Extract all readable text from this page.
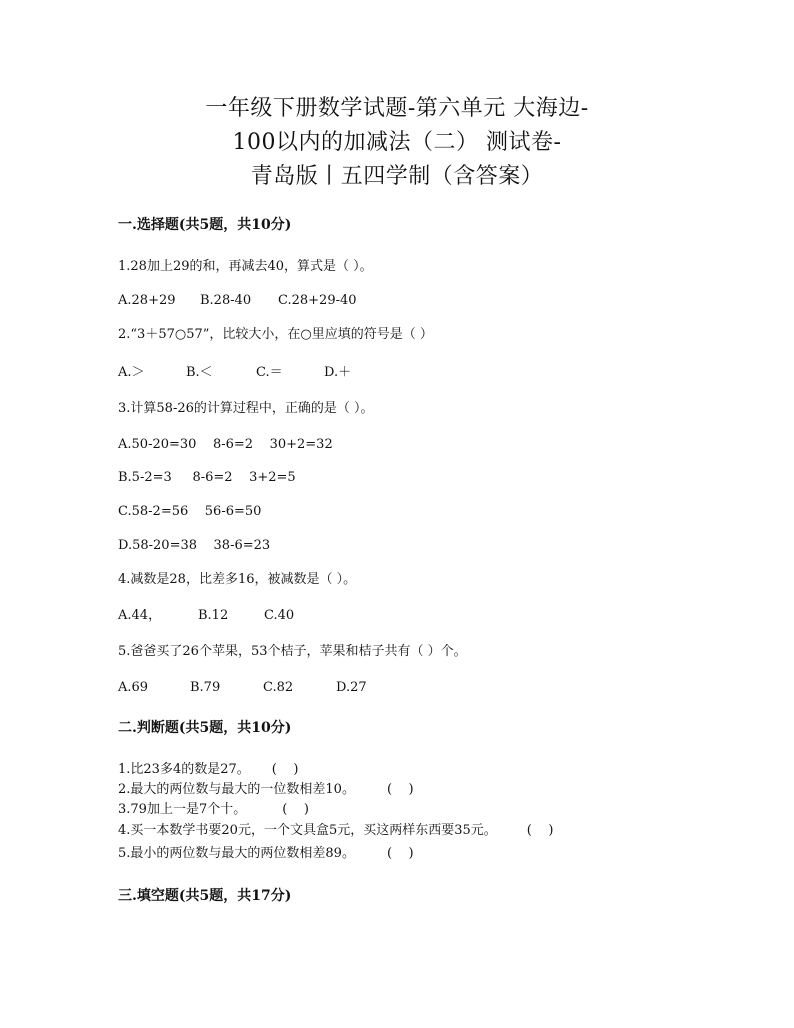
一年级下册数学试题-第六单元 大海边-
100以内的加减法（二） 测试卷-
青岛版丨五四学制（含答案）
一.选择题(共5题，共10分)
1.28加上29的和，再减去40，算式是（ ）。
A.28+29 B.28-40 C.28+29-40
2.“3＋57○57”，比较大小，在○里应填的符号是（ ）
A.＞	B.＜	C.＝	D.＋
3.计算58-26的计算过程中，正确的是（ ）。
A.50-20=30    8-6=2    30+2=32
B.5-2=3     8-6=2    3+2=5
C.58-2=56    56-6=50
D.58-20=38    38-6=23
4.减数是28，比差多16，被减数是（ ）。
A.44，	B.12	C.40
5.爸爸买了26个苹果，53个桔子，苹果和桔子共有（ ）个。
A.69	B.79	C.82	D.27
二.判断题(共5题，共10分)
1.比23多4的数是27。 (    )
2.最大的两位数与最大的一位数相差10。 (    )
3.79加上一是7个十。	(    )
4.买一本数学书要20元，一个文具盒5元，买这两样东西要35元。 (    )
5.最小的两位数与最大的两位数相差89。 (    )
三.填空题(共5题，共17分)
